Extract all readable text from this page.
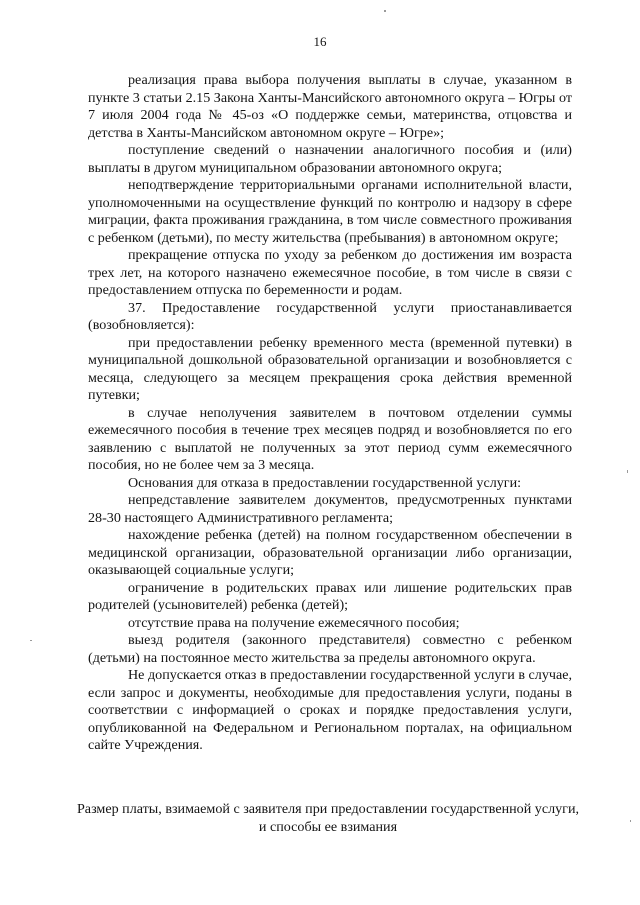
16

реализация права выбора получения выплаты в случае, указанном в пункте 3 статьи 2.15 Закона Ханты-Мансийского автономного округа – Югры от 7 июля 2004 года № 45-оз «О поддержке семьи, материнства, отцовства и детства в Ханты-Мансийском автономном округе – Югре»;

поступление сведений о назначении аналогичного пособия и (или) выплаты в другом муниципальном образовании автономного округа;

неподтверждение территориальными органами исполнительной власти, уполномоченными на осуществление функций по контролю и надзору в сфере миграции, факта проживания гражданина, в том числе совместного проживания с ребенком (детьми), по месту жительства (пребывания) в автономном округе;

прекращение отпуска по уходу за ребенком до достижения им возраста трех лет, на которого назначено ежемесячное пособие, в том числе в связи с предоставлением отпуска по беременности и родам.

37. Предоставление государственной услуги приостанавливается (возобновляется):

при предоставлении ребенку временного места (временной путевки) в муниципальной дошкольной образовательной организации и возобновляется с месяца, следующего за месяцем прекращения срока действия временной путевки;

в случае неполучения заявителем в почтовом отделении суммы ежемесячного пособия в течение трех месяцев подряд и возобновляется по его заявлению с выплатой не полученных за этот период сумм ежемесячного пособия, но не более чем за 3 месяца.

Основания для отказа в предоставлении государственной услуги:

непредставление заявителем документов, предусмотренных пунктами 28-30 настоящего Административного регламента;

нахождение ребенка (детей) на полном государственном обеспечении в медицинской организации, образовательной организации либо организации, оказывающей социальные услуги;

ограничение в родительских правах или лишение родительских прав родителей (усыновителей) ребенка (детей);

отсутствие права на получение ежемесячного пособия;

выезд родителя (законного представителя) совместно с ребенком (детьми) на постоянное место жительства за пределы автономного округа.

Не допускается отказ в предоставлении государственной услуги в случае, если запрос и документы, необходимые для предоставления услуги, поданы в соответствии с информацией о сроках и порядке предоставления услуги, опубликованной на Федеральном и Региональном порталах, на официальном сайте Учреждения.

Размер платы, взимаемой с заявителя при предоставлении государственной услуги, и способы ее взимания
